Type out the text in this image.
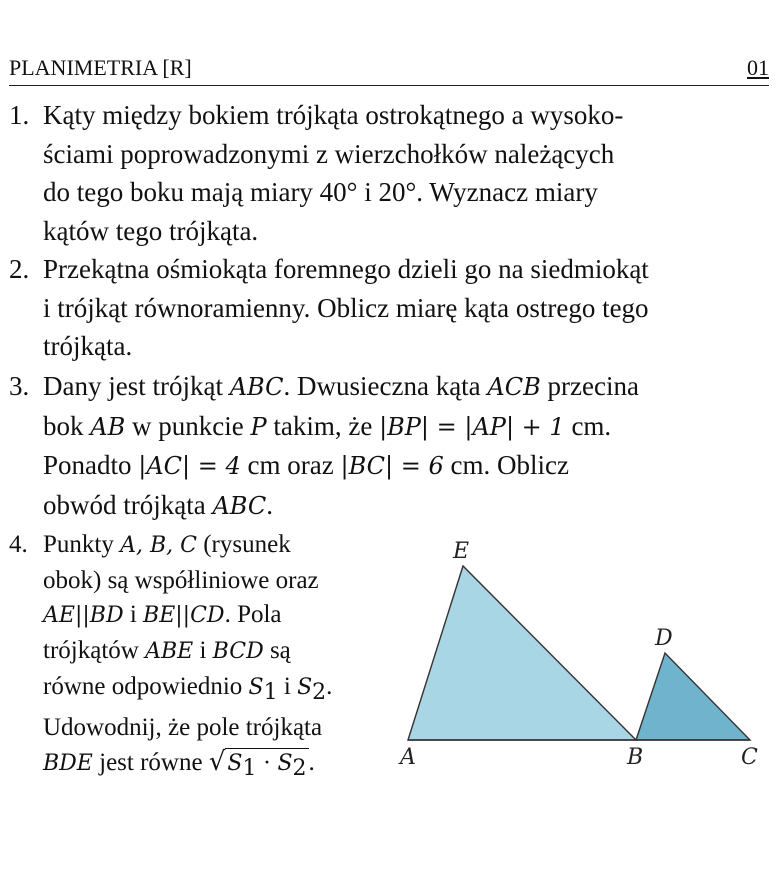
PLANIMETRIA [R]	01
1. Kąty między bokiem trójkąta ostrokątnego a wysoko-
ściami poprowadzonymi z wierzchołków należących
do tego boku mają miary 40° i 20°. Wyznacz miary
kątów tego trójkąta.
2. Przekątna ośmiokąta foremnego dzieli go na siedmiokąt
i trójkąt równoramienny. Oblicz miarę kąta ostrego tego
trójkąta.
3. Dany jest trójkąt ABC. Dwusieczna kąta ACB przecina
bok AB w punkcie P takim, że |BP| = |AP| + 1 cm.
Ponadto |AC| = 4 cm oraz |BC| = 6 cm. Oblicz
obwód trójkąta ABC.
4. Punkty A, B, C (rysunek
obok) są współliniowe oraz
AE||BD i BE||CD. Pola
trójkątów ABE i BCD są
równe odpowiednio S1 i S2.
Udowodnij, że pole trójkąta
BDE jest równe √S1 · S2.
E
D
A	B	C
